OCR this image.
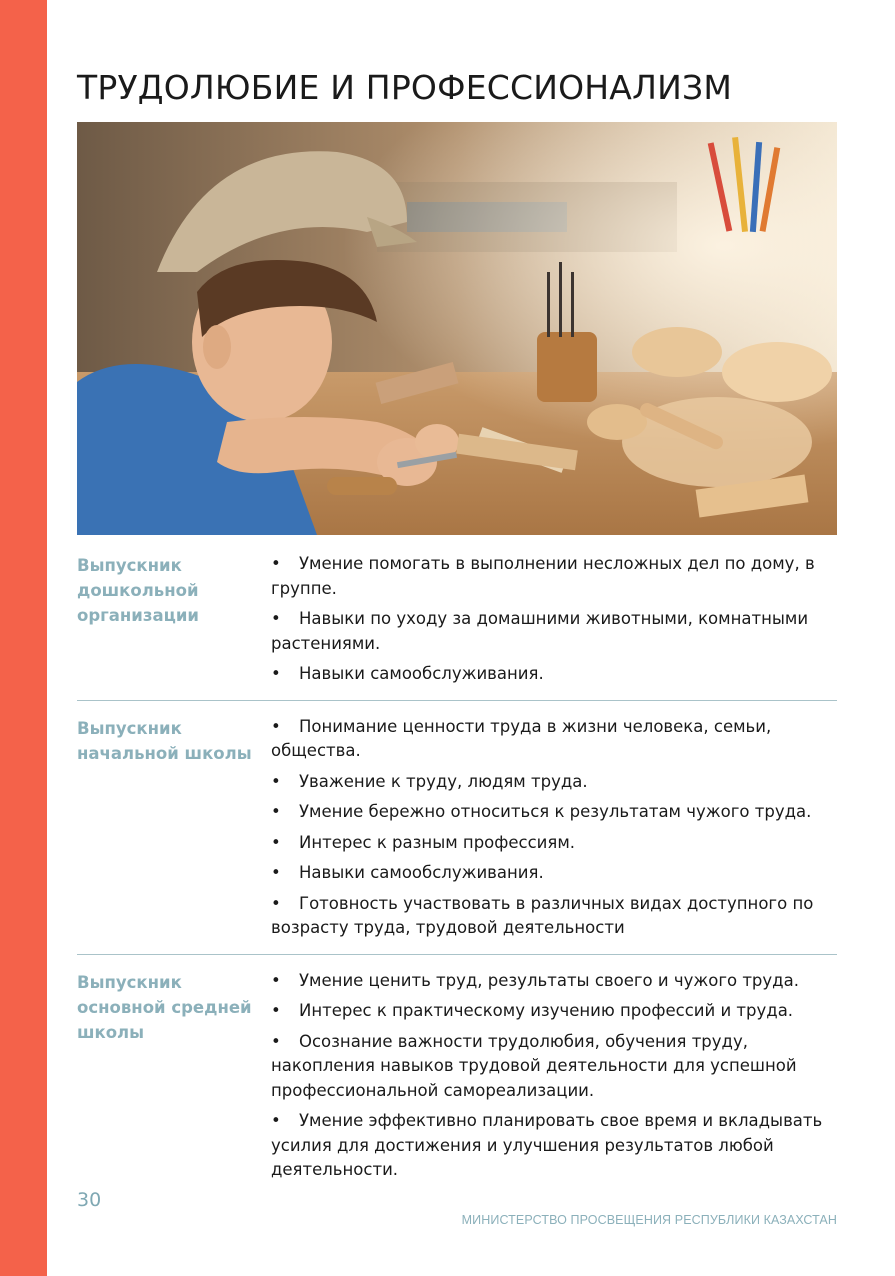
ТРУДОЛЮБИЕ И ПРОФЕССИОНАЛИЗМ
Выпускник дошкольной организации
• Умение помогать в выполнении несложных дел по дому, в группе.
• Навыки по уходу за домашними животными, комнатными растениями.
• Навыки самообслуживания.
Выпускник начальной школы
• Понимание ценности труда в жизни человека, семьи, общества.
• Уважение к труду, людям труда.
• Умение бережно относиться к результатам чужого труда.
• Интерес к разным профессиям.
• Навыки самообслуживания.
• Готовность участвовать в различных видах доступного по возрасту труда, трудовой деятельности
Выпускник основной средней школы
• Умение ценить труд, результаты своего и чужого труда.
• Интерес к практическому изучению профессий и труда.
• Осознание важности трудолюбия, обучения труду, накопления навыков трудовой деятельности для успешной профессиональной самореализации.
• Умение эффективно планировать свое время и вкладывать усилия для достижения и улучшения результатов любой деятельности.
30
МИНИСТЕРСТВО ПРОСВЕЩЕНИЯ РЕСПУБЛИКИ КАЗАХСТАН
